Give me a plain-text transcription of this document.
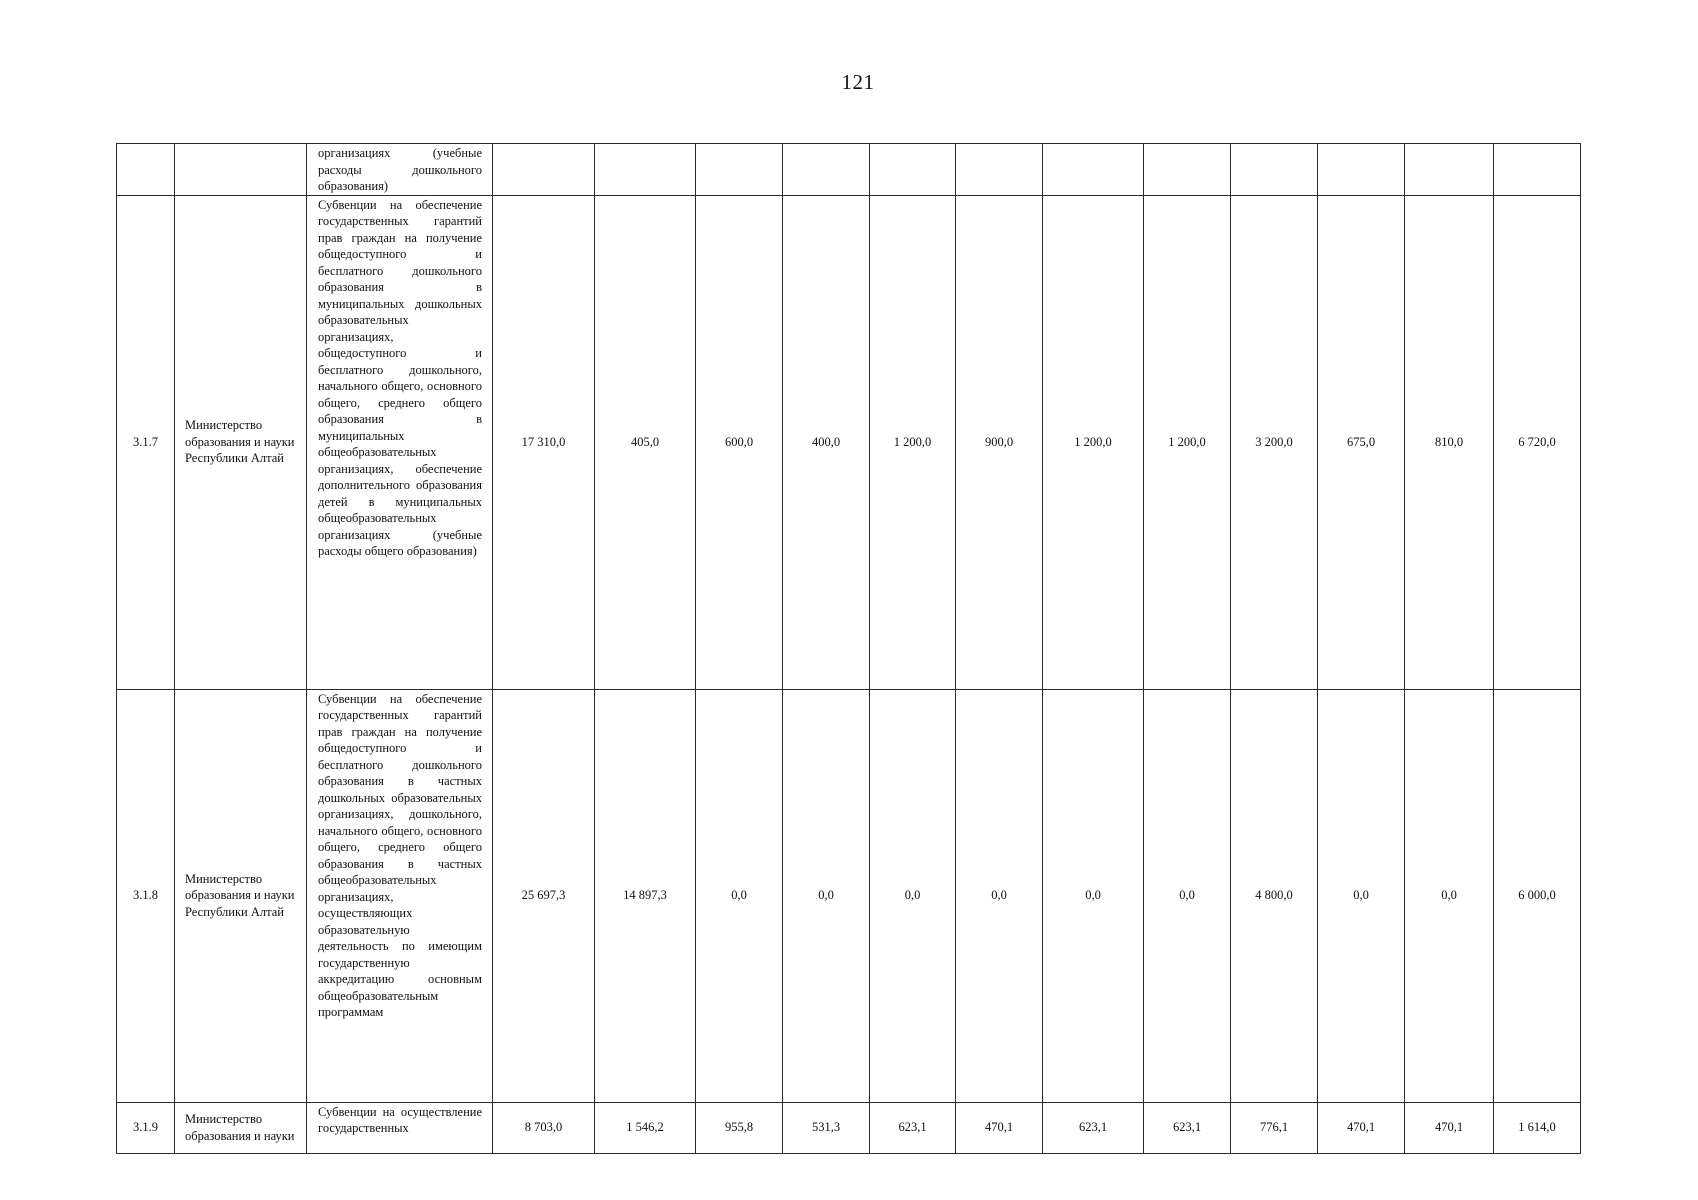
121

		организациях (учебные расходы дошкольного образования)												

3.1.7	Министерство образования и науки Республики Алтай	Субвенции на обеспечение государственных гарантий прав граждан на получение общедоступного и бесплатного дошкольного образования в муниципальных дошкольных образовательных организациях, общедоступного и бесплатного дошкольного, начального общего, основного общего, среднего общего образования в муниципальных общеобразовательных организациях, обеспечение дополнительного образования детей в муниципальных общеобразовательных организациях (учебные расходы общего образования)	17 310,0	405,0	600,0	400,0	1 200,0	900,0	1 200,0	1 200,0	3 200,0	675,0	810,0	6 720,0
3.1.8	Министерство образования и науки Республики Алтай	Субвенции на обеспечение государственных гарантий прав граждан на получение общедоступного и бесплатного дошкольного образования в частных дошкольных образовательных организациях, дошкольного, начального общего, основного общего, среднего общего образования в частных общеобразовательных организациях, осуществляющих образовательную деятельность по имеющим государственную аккредитацию основным общеобразовательным программам	25 697,3	14 897,3	0,0	0,0	0,0	0,0	0,0	0,0	4 800,0	0,0	0,0	6 000,0
3.1.9	Министерство образования и науки	Субвенции на осуществление государственных	8 703,0	1 546,2	955,8	531,3	623,1	470,1	623,1	623,1	776,1	470,1	470,1	1 614,0
